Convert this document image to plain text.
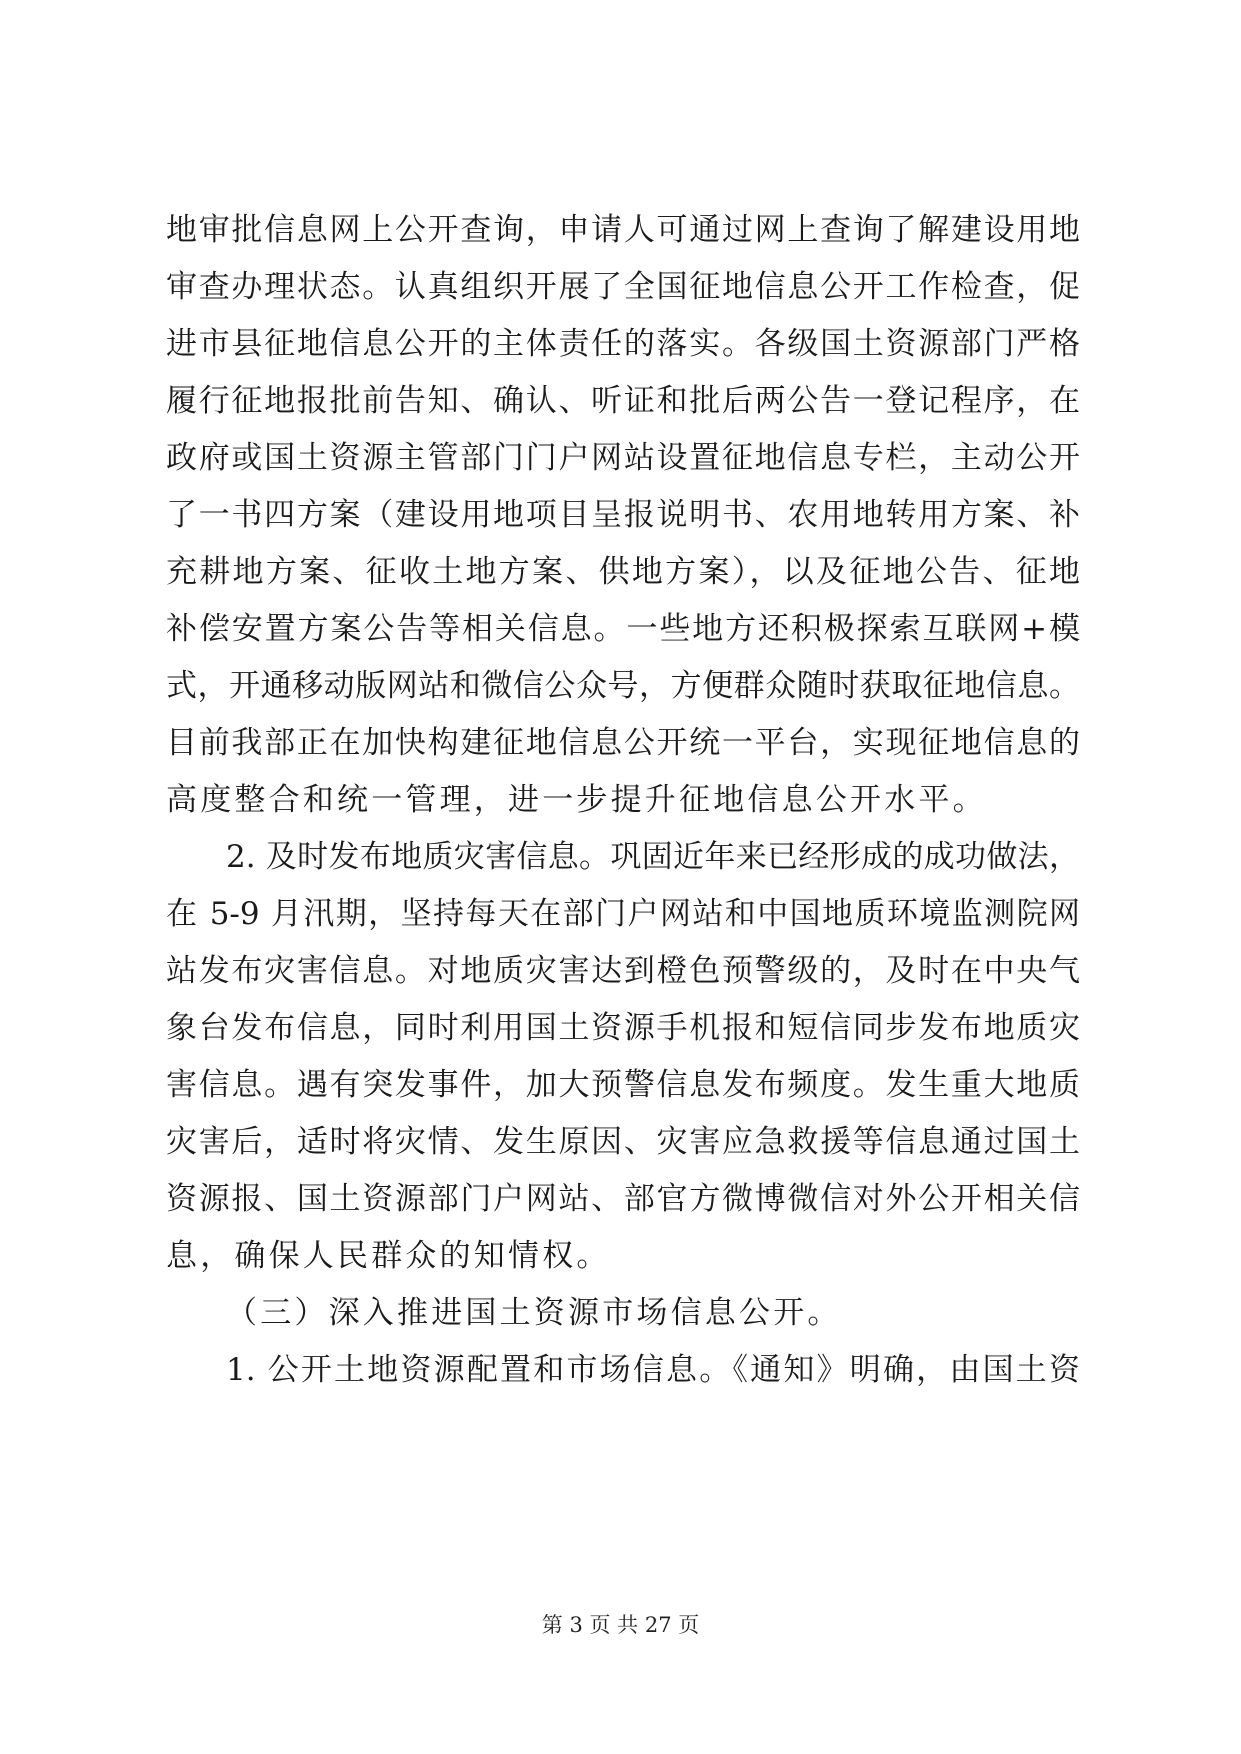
地审批信息网上公开查询，申请人可通过网上查询了解建设用地
审查办理状态。认真组织开展了全国征地信息公开工作检查，促
进市县征地信息公开的主体责任的落实。各级国土资源部门严格
履行征地报批前告知、确认、听证和批后两公告一登记程序，在
政府或国土资源主管部门门户网站设置征地信息专栏，主动公开
了一书四方案（建设用地项目呈报说明书、农用地转用方案、补
充耕地方案、征收土地方案、供地方案），以及征地公告、征地
补偿安置方案公告等相关信息。一些地方还积极探索互联网+模
式，开通移动版网站和微信公众号，方便群众随时获取征地信息。
目前我部正在加快构建征地信息公开统一平台，实现征地信息的
高度整合和统一管理，进一步提升征地信息公开水平。
2. 及时发布地质灾害信息。巩固近年来已经形成的成功做法，
在 5-9 月汛期，坚持每天在部门户网站和中国地质环境监测院网
站发布灾害信息。对地质灾害达到橙色预警级的，及时在中央气
象台发布信息，同时利用国土资源手机报和短信同步发布地质灾
害信息。遇有突发事件，加大预警信息发布频度。发生重大地质
灾害后，适时将灾情、发生原因、灾害应急救援等信息通过国土
资源报、国土资源部门户网站、部官方微博微信对外公开相关信
息，确保人民群众的知情权。
（三）深入推进国土资源市场信息公开。
1. 公开土地资源配置和市场信息。《通知》明确，由国土资
第 3 页 共 27 页
